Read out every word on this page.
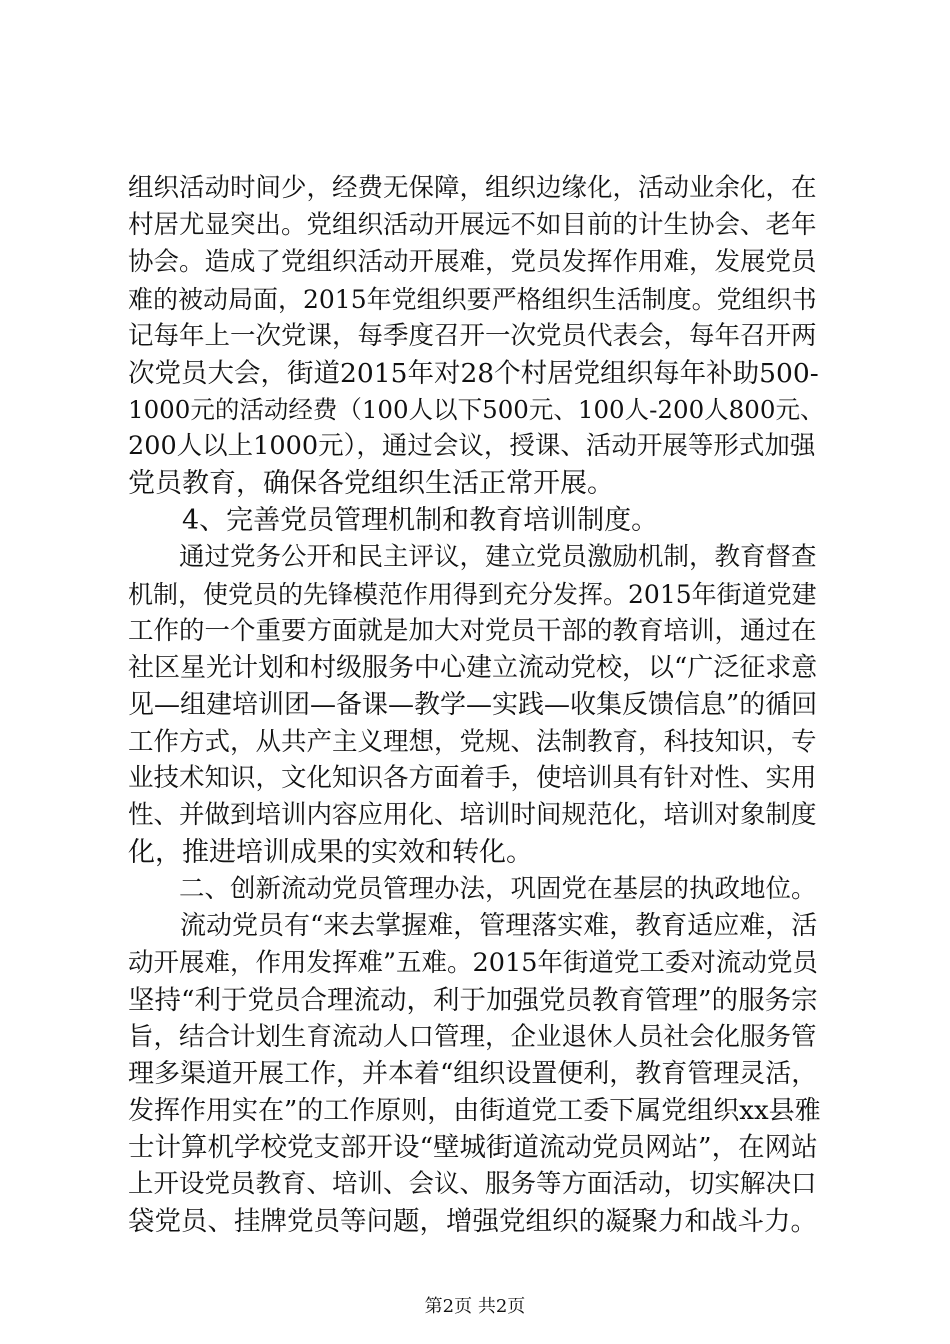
组织活动时间少，经费无保障，组织边缘化，活动业余化，在
村居尤显突出。党组织活动开展远不如目前的计生协会、老年
协会。造成了党组织活动开展难，党员发挥作用难，发展党员
难的被动局面，2015年党组织要严格组织生活制度。党组织书
记每年上一次党课，每季度召开一次党员代表会，每年召开两
次党员大会，街道2015年对28个村居党组织每年补助500-
1000元的活动经费（100人以下500元、100人-200人800元、
200人以上1000元），通过会议，授课、活动开展等形式加强
党员教育，确保各党组织生活正常开展。
　　4、完善党员管理机制和教育培训制度。
　　通过党务公开和民主评议，建立党员激励机制，教育督查
机制，使党员的先锋模范作用得到充分发挥。2015年街道党建
工作的一个重要方面就是加大对党员干部的教育培训，通过在
社区星光计划和村级服务中心建立流动党校，以“广泛征求意
见—组建培训团—备课—教学—实践—收集反馈信息”的循回
工作方式，从共产主义理想，党规、法制教育，科技知识，专
业技术知识，文化知识各方面着手，使培训具有针对性、实用
性、并做到培训内容应用化、培训时间规范化，培训对象制度
化，推进培训成果的实效和转化。
　　二、创新流动党员管理办法，巩固党在基层的执政地位。
　　流动党员有“来去掌握难，管理落实难，教育适应难，活
动开展难，作用发挥难”五难。2015年街道党工委对流动党员
坚持“利于党员合理流动，利于加强党员教育管理”的服务宗
旨，结合计划生育流动人口管理，企业退休人员社会化服务管
理多渠道开展工作，并本着“组织设置便利，教育管理灵活，
发挥作用实在”的工作原则，由街道党工委下属党组织xx县雅
士计算机学校党支部开设“壁城街道流动党员网站”，在网站
上开设党员教育、培训、会议、服务等方面活动，切实解决口
袋党员、挂牌党员等问题，增强党组织的凝聚力和战斗力。
第2页 共2页
